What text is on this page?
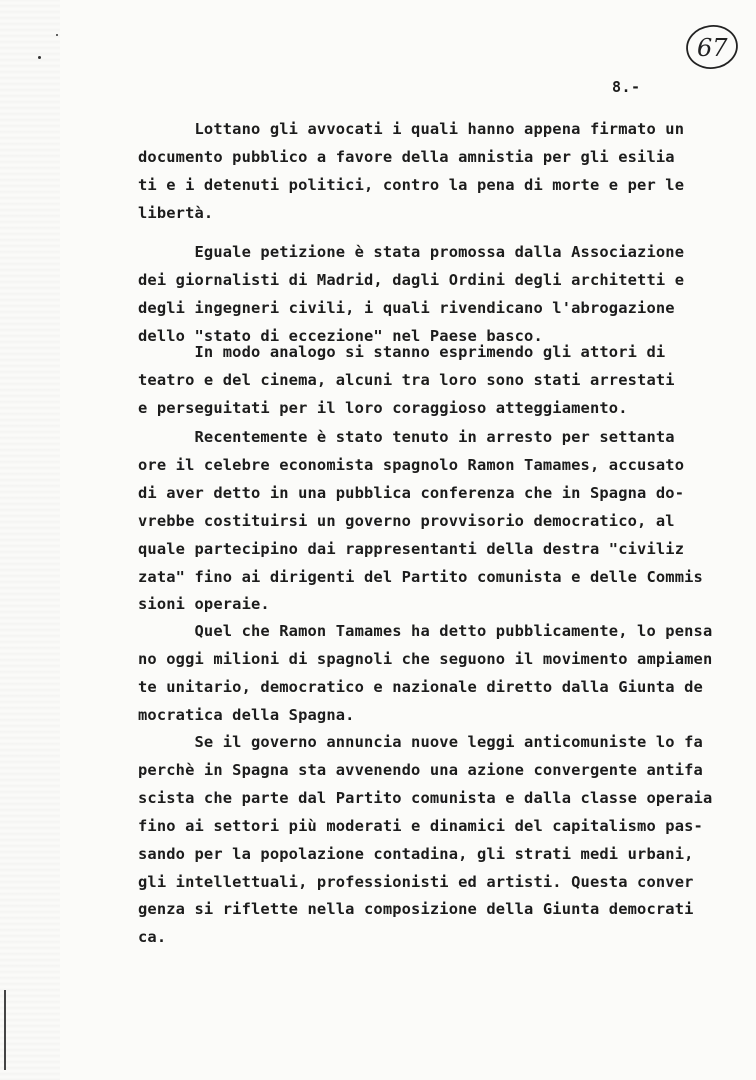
67
8.-
Lottano gli avvocati i quali hanno appena firmato un
documento pubblico a favore della amnistia per gli esilia
ti e i detenuti politici, contro la pena di morte e per le
libertà.
Eguale petizione è stata promossa dalla Associazione
dei giornalisti di Madrid, dagli Ordini degli architetti e
degli ingegneri civili, i quali rivendicano l'abrogazione
dello "stato di eccezione" nel Paese basco.
In modo analogo si stanno esprimendo gli attori di
teatro e del cinema, alcuni tra loro sono stati arrestati
e perseguitati per il loro coraggioso atteggiamento.
Recentemente è stato tenuto in arresto per settanta
ore il celebre economista spagnolo Ramon Tamames, accusato
di aver detto in una pubblica conferenza che in Spagna do-
vrebbe costituirsi un governo provvisorio democratico, al
quale partecipino dai rappresentanti della destra "civiliz
zata" fino ai dirigenti del Partito comunista e delle Commis
sioni operaie.
Quel che Ramon Tamames ha detto pubblicamente, lo pensa
no oggi milioni di spagnoli che seguono il movimento ampiamen
te unitario, democratico e nazionale diretto dalla Giunta de
mocratica della Spagna.
Se il governo annuncia nuove leggi anticomuniste lo fa
perchè in Spagna sta avvenendo una azione convergente antifa
scista che parte dal Partito comunista e dalla classe operaia
fino ai settori più moderati e dinamici del capitalismo pas-
sando per la popolazione contadina, gli strati medi urbani,
gli intellettuali, professionisti ed artisti. Questa conver
genza si riflette nella composizione della Giunta democrati
ca.
